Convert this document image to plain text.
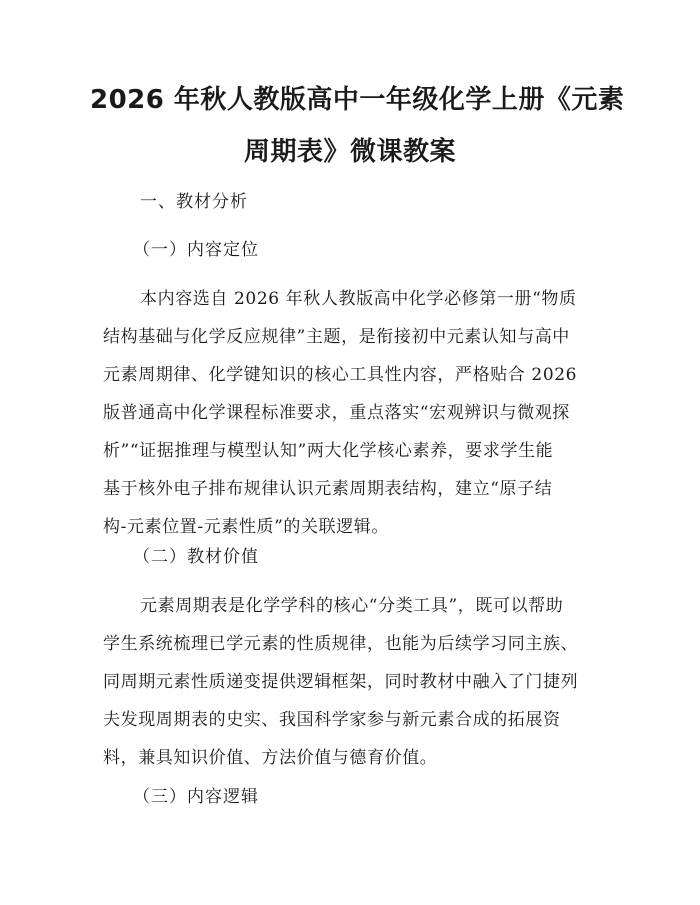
2026 年秋人教版高中一年级化学上册《元素
周期表》微课教案
一、教材分析
（一）内容定位
本内容选自 2026 年秋人教版高中化学必修第一册“物质
结构基础与化学反应规律”主题，是衔接初中元素认知与高中
元素周期律、化学键知识的核心工具性内容，严格贴合 2026
版普通高中化学课程标准要求，重点落实“宏观辨识与微观探
析”“证据推理与模型认知”两大化学核心素养，要求学生能
基于核外电子排布规律认识元素周期表结构，建立“原子结
构-元素位置-元素性质”的关联逻辑。
（二）教材价值
元素周期表是化学学科的核心“分类工具”，既可以帮助
学生系统梳理已学元素的性质规律，也能为后续学习同主族、
同周期元素性质递变提供逻辑框架，同时教材中融入了门捷列
夫发现周期表的史实、我国科学家参与新元素合成的拓展资
料，兼具知识价值、方法价值与德育价值。
（三）内容逻辑
